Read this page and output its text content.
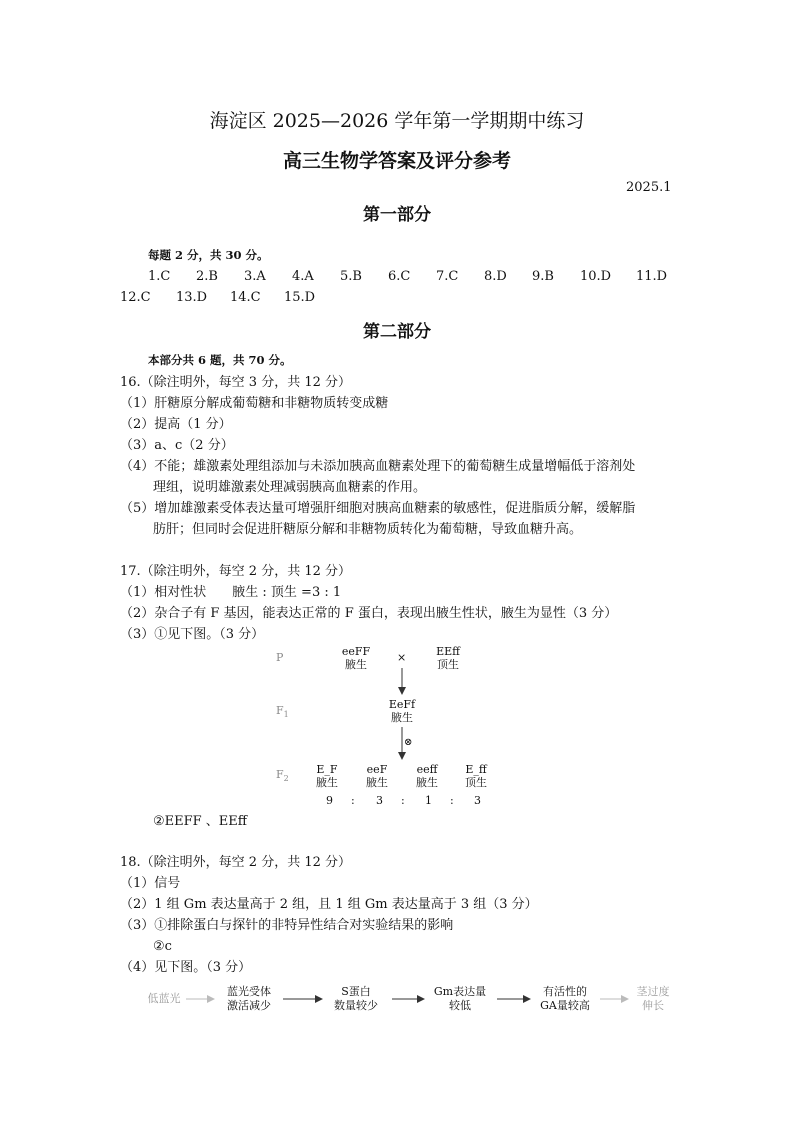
海淀区 2025—2026 学年第一学期期中练习
高三生物学答案及评分参考
2025.1
第一部分
每题 2 分，共 30 分。
1.C 2.B 3.A 4.A 5.B 6.C 7.C 8.D 9.B 10.D 11.D
12.C 13.D 14.C 15.D
第二部分
本部分共 6 题，共 70 分。
16.（除注明外，每空 3 分，共 12 分）
（1）肝糖原分解成葡萄糖和非糖物质转变成糖
（2）提高（1 分）
（3）a、c（2 分）
（4）不能；雄激素处理组添加与未添加胰高血糖素处理下的葡萄糖生成量增幅低于溶剂处
理组，说明雄激素处理减弱胰高血糖素的作用。
（5）增加雄激素受体表达量可增强肝细胞对胰高血糖素的敏感性，促进脂质分解，缓解脂
肪肝；但同时会促进肝糖原分解和非糖物质转化为葡萄糖，导致血糖升高。
17.（除注明外，每空 2 分，共 12 分）
（1）相对性状　　腋生 : 顶生 =3 : 1
（2）杂合子有 F 基因，能表达正常的 F 蛋白，表现出腋生性状，腋生为显性（3 分）
（3）①见下图。（3 分）
P
$F_1$
$F_2$
eeFF
腋生
×	EEff
顶生
EeFf
腋生
⊗
E_F
腋生
eeF
腋生
eeff
腋生
E_ff
顶生
9 : 3 : 1 : 3
②EEFF 、EEff
18.（除注明外，每空 2 分，共 12 分）
（1）信号
（2）1 组 Gm 表达量高于 2 组，且 1 组 Gm 表达量高于 3 组（3 分）
（3）①排除蛋白与探针的非特异性结合对实验结果的影响
②c
（4）见下图。（3 分）
低蓝光
蓝光受体
激活减少
S蛋白
数量较少
Gm表达量
较低
有活性的
GA量较高
茎过度
伸长
